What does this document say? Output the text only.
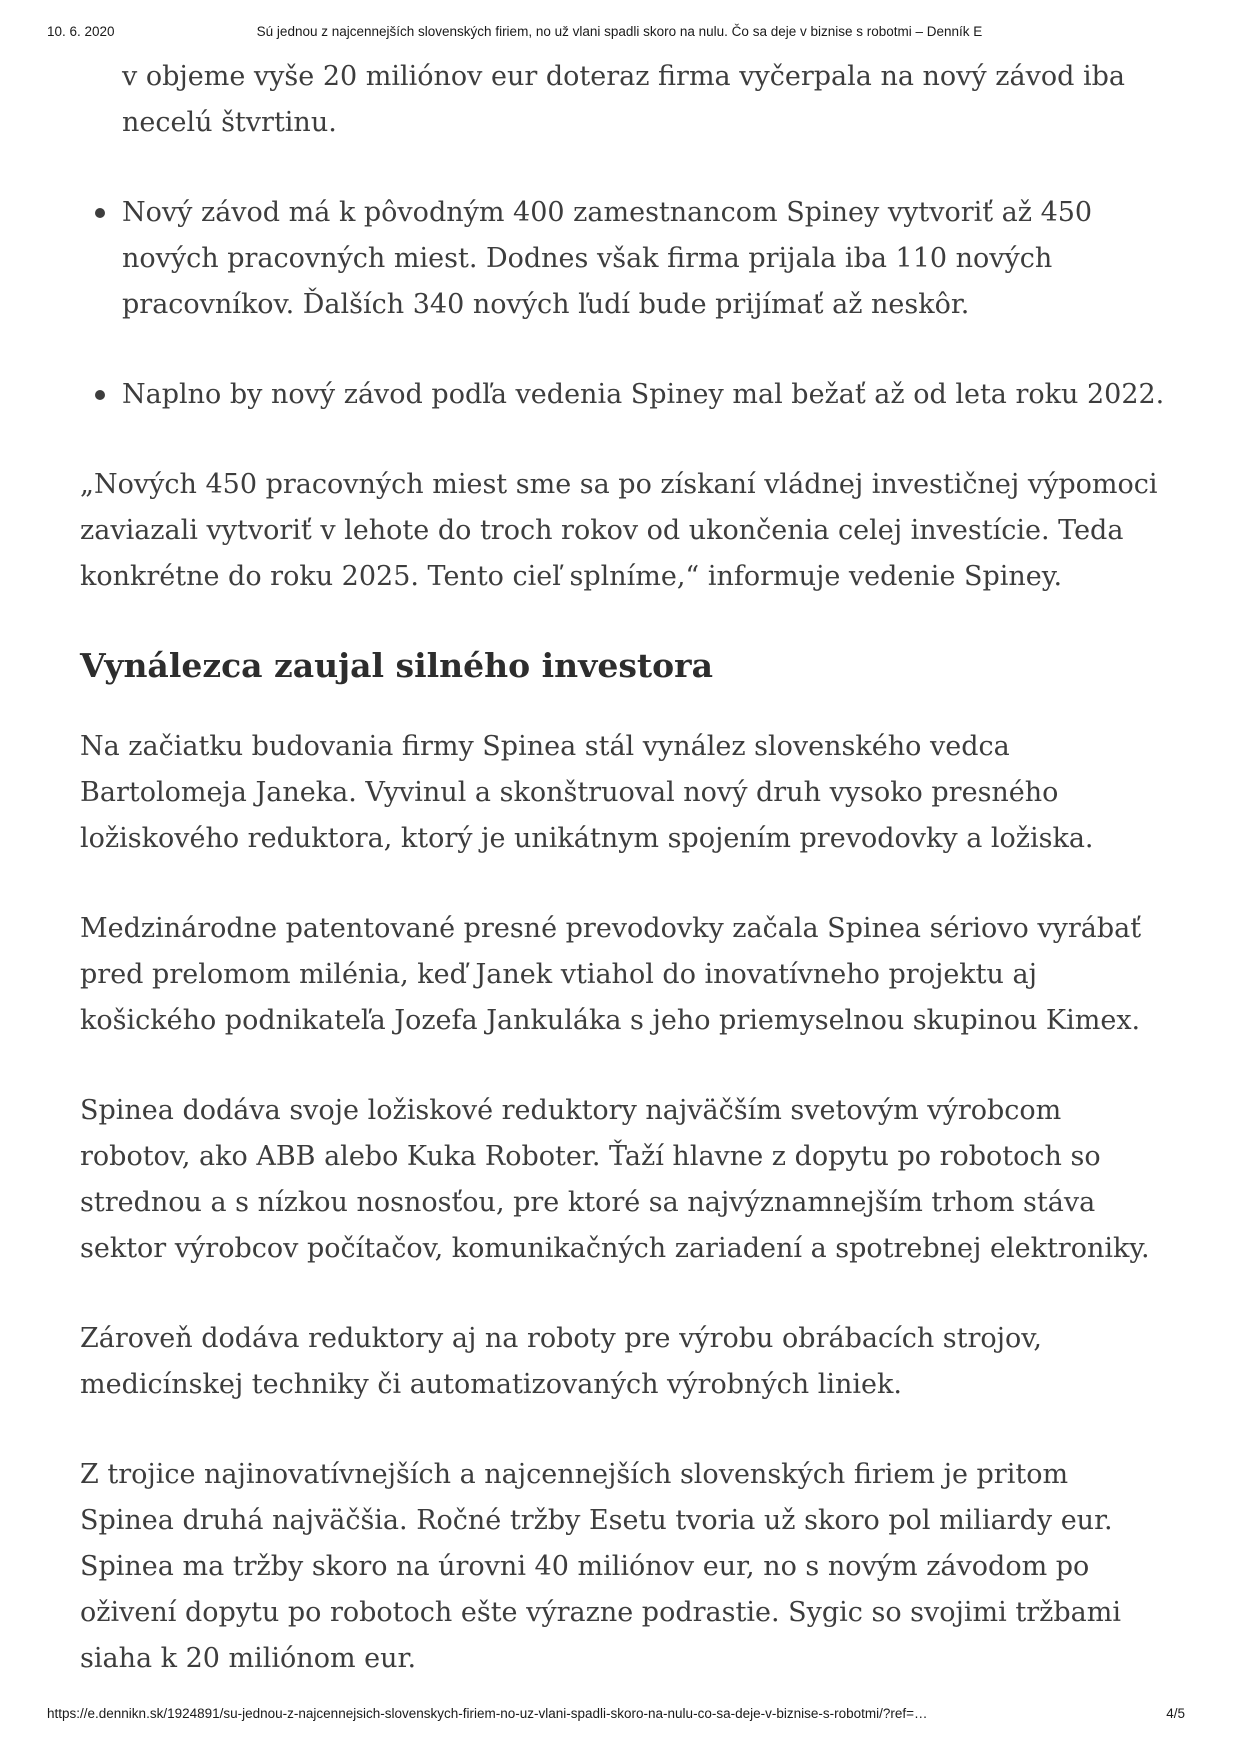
10. 6. 2020	Sú jednou z najcennejších slovenských firiem, no už vlani spadli skoro na nulu. Čo sa deje v biznise s robotmi – Denník E

v objeme vyše 20 miliónov eur doteraz firma vyčerpala na nový závod iba necelú štvrtinu.

Nový závod má k pôvodným 400 zamestnancom Spiney vytvoriť až 450 nových pracovných miest. Dodnes však firma prijala iba 110 nových pracovníkov. Ďalších 340 nových ľudí bude prijímať až neskôr.
Naplno by nový závod podľa vedenia Spiney mal bežať až od leta roku 2022.

„Nových 450 pracovných miest sme sa po získaní vládnej investičnej výpomoci zaviazali vytvoriť v lehote do troch rokov od ukončenia celej investície. Teda konkrétne do roku 2025. Tento cieľ splníme,“ informuje vedenie Spiney.

Vynálezca zaujal silného investora

Na začiatku budovania firmy Spinea stál vynález slovenského vedca Bartolomeja Janeka. Vyvinul a skonštruoval nový druh vysoko presného ložiskového reduktora, ktorý je unikátnym spojením prevodovky a ložiska.

Medzinárodne patentované presné prevodovky začala Spinea sériovo vyrábať pred prelomom milénia, keď Janek vtiahol do inovatívneho projektu aj košického podnikateľa Jozefa Jankuláka s jeho priemyselnou skupinou Kimex.

Spinea dodáva svoje ložiskové reduktory najväčším svetovým výrobcom robotov, ako ABB alebo Kuka Roboter. Ťaží hlavne z dopytu po robotoch so strednou a s nízkou nosnosťou, pre ktoré sa najvýznamnejším trhom stáva sektor výrobcov počítačov, komunikačných zariadení a spotrebnej elektroniky.

Zároveň dodáva reduktory aj na roboty pre výrobu obrábacích strojov, medicínskej techniky či automatizovaných výrobných liniek.

Z trojice najinovatívnejších a najcennejších slovenských firiem je pritom Spinea druhá najväčšia. Ročné tržby Esetu tvoria už skoro pol miliardy eur. Spinea ma tržby skoro na úrovni 40 miliónov eur, no s novým závodom po oživení dopytu po robotoch ešte výrazne podrastie. Sygic so svojimi tržbami siaha k 20 miliónom eur.

https://e.dennikn.sk/1924891/su-jednou-z-najcennejsich-slovenskych-firiem-no-uz-vlani-spadli-skoro-na-nulu-co-sa-deje-v-biznise-s-robotmi/?ref=…	4/5
